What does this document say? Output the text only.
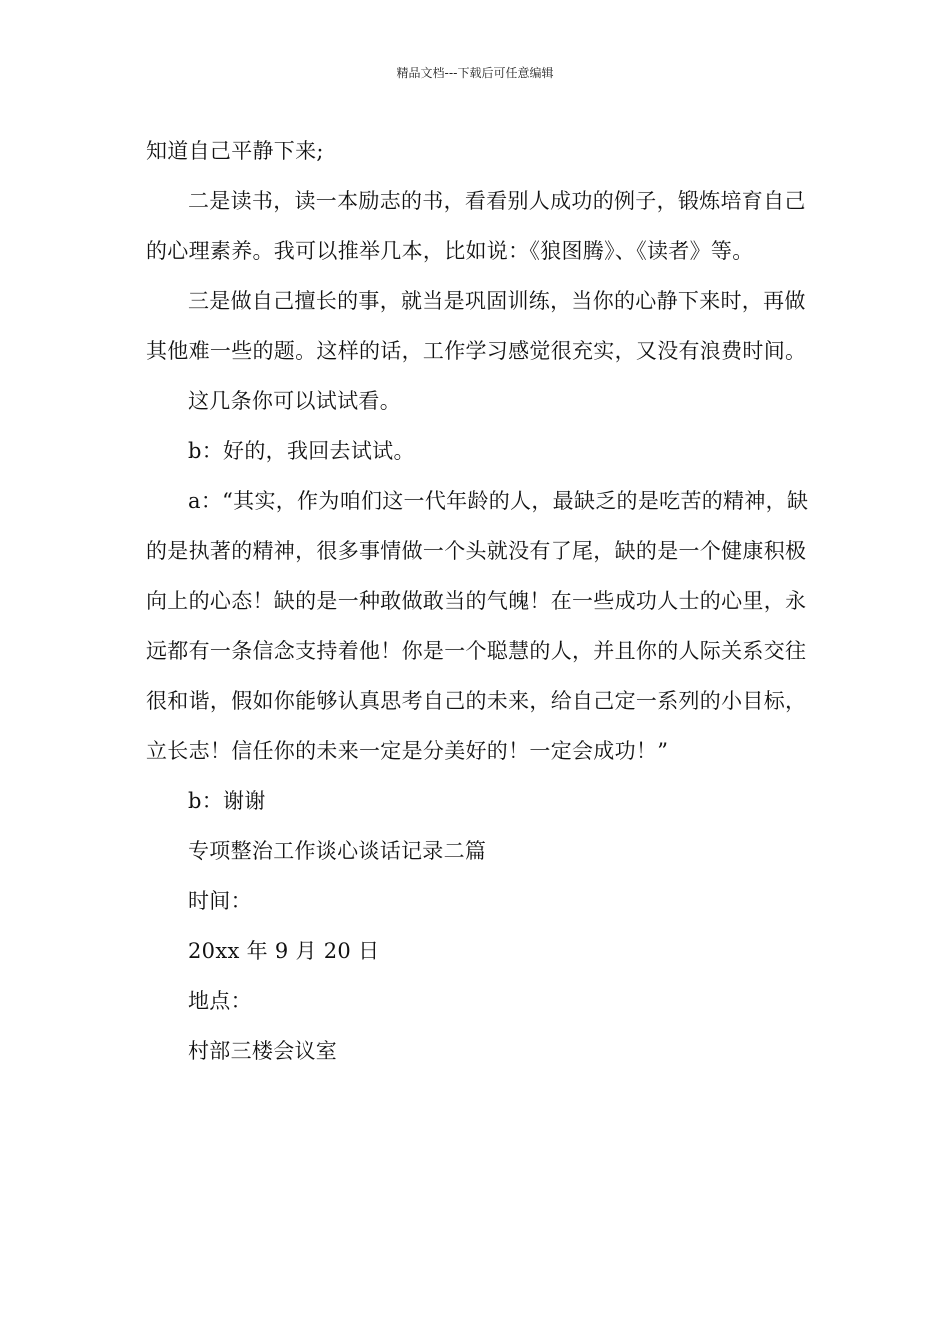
精品文档---下载后可任意编辑

知道自己平静下来;

二是读书，读一本励志的书，看看别人成功的例子，锻炼培育自己的心理素养。我可以推举几本，比如说：《狼图腾》、《读者》等。

三是做自己擅长的事，就当是巩固训练，当你的心静下来时，再做其他难一些的题。这样的话，工作学习感觉很充实，又没有浪费时间。

这几条你可以试试看。

b：好的，我回去试试。

a：“其实，作为咱们这一代年龄的人，最缺乏的是吃苦的精神，缺的是执著的精神，很多事情做一个头就没有了尾，缺的是一个健康积极向上的心态！缺的是一种敢做敢当的气魄！在一些成功人士的心里，永远都有一条信念支持着他！你是一个聪慧的人，并且你的人际关系交往很和谐，假如你能够认真思考自己的未来，给自己定一系列的小目标，立长志！信任你的未来一定是分美好的！一定会成功！”

b：谢谢

专项整治工作谈心谈话记录二篇

时间：

20xx 年 9 月 20 日

地点：

村部三楼会议室
